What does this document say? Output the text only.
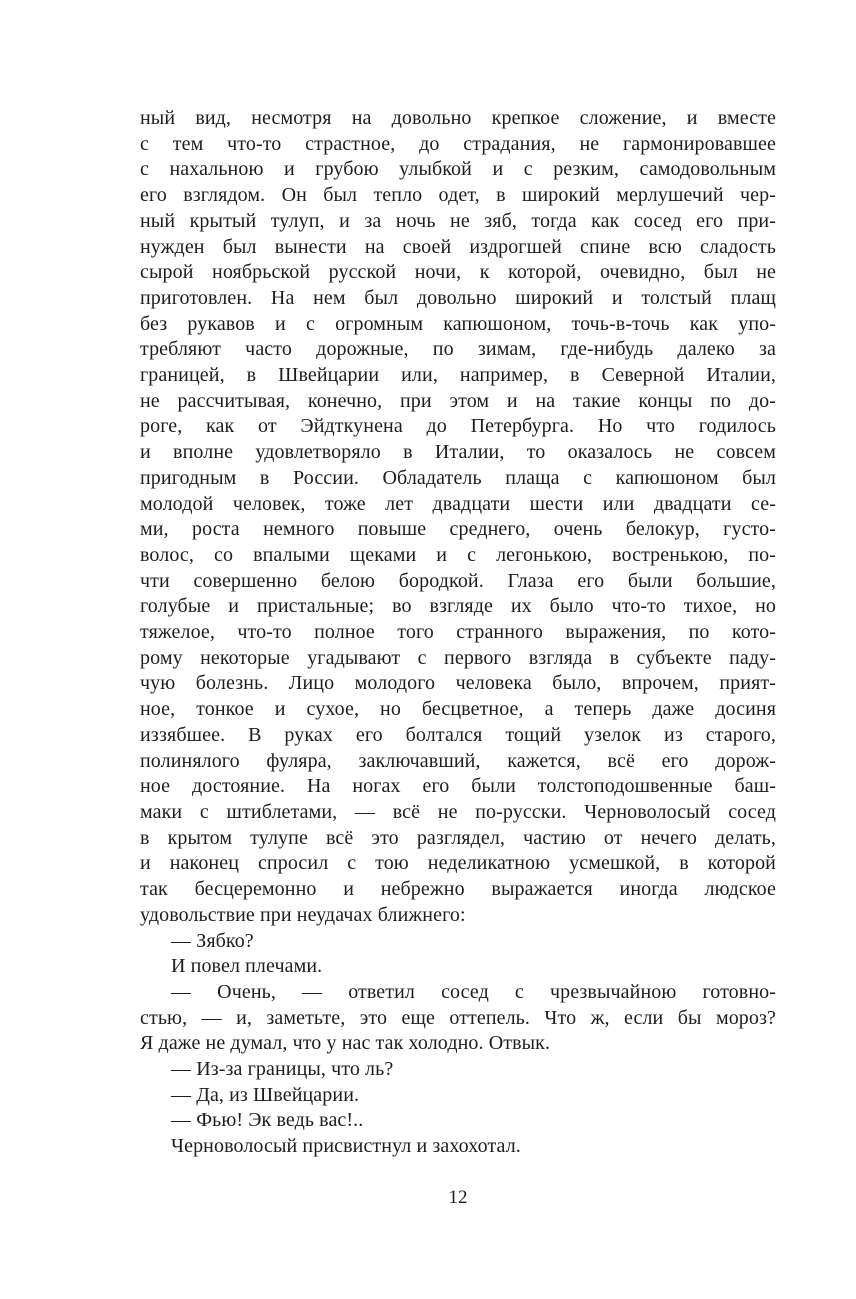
ный вид, несмотря на довольно крепкое сложение, и вместе
с тем что-то страстное, до страдания, не гармонировавшее
с нахальною и грубою улыбкой и с резким, самодовольным
его взглядом. Он был тепло одет, в широкий мерлушечий чер-
ный крытый тулуп, и за ночь не зяб, тогда как сосед его при-
нужден был вынести на своей издрогшей спине всю сладость
сырой ноябрьской русской ночи, к которой, очевидно, был не
приготовлен. На нем был довольно широкий и толстый плащ
без рукавов и с огромным капюшоном, точь-в-точь как упо-
требляют часто дорожные, по зимам, где-нибудь далеко за
границей, в Швейцарии или, например, в Северной Италии,
не рассчитывая, конечно, при этом и на такие концы по до-
роге, как от Эйдткунена до Петербурга. Но что годилось
и вполне удовлетворяло в Италии, то оказалось не совсем
пригодным в России. Обладатель плаща с капюшоном был
молодой человек, тоже лет двадцати шести или двадцати се-
ми, роста немного повыше среднего, очень белокур, густо-
волос, со впалыми щеками и с легонькою, востренькою, по-
чти совершенно белою бородкой. Глаза его были большие,
голубые и пристальные; во взгляде их было что-то тихое, но
тяжелое, что-то полное того странного выражения, по кото-
рому некоторые угадывают с первого взгляда в субъекте паду-
чую болезнь. Лицо молодого человека было, впрочем, прият-
ное, тонкое и сухое, но бесцветное, а теперь даже досиня
иззябшее. В руках его болтался тощий узелок из старого,
полинялого фуляра, заключавший, кажется, всё его дорож-
ное достояние. На ногах его были толстоподошвенные баш-
маки с штиблетами, — всё не по-русски. Черноволосый сосед
в крытом тулупе всё это разглядел, частию от нечего делать,
и наконец спросил с тою неделикатною усмешкой, в которой
так бесцеремонно и небрежно выражается иногда людское
удовольствие при неудачах ближнего:
— Зябко?
И повел плечами.
— Очень, — ответил сосед с чрезвычайною готовно-
стью, — и, заметьте, это еще оттепель. Что ж, если бы мороз?
Я даже не думал, что у нас так холодно. Отвык.
— Из-за границы, что ль?
— Да, из Швейцарии.
— Фью! Эк ведь вас!..
Черноволосый присвистнул и захохотал.
12
